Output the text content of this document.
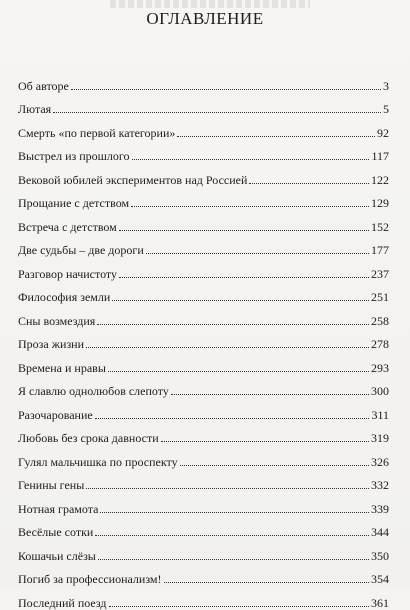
ОГЛАВЛЕНИЕ
Об авторе	3
Лютая	5
Смерть «по первой категории»	92
Выстрел из прошлого	117
Вековой юбилей экспериментов над Россией	122
Прощание с детством	129
Встреча с детством	152
Две судьбы – две дороги	177
Разговор начистоту	237
Философия земли	251
Сны возмездия	258
Проза жизни	278
Времена и нравы	293
Я славлю однолюбов слепоту	300
Разочарование	311
Любовь без срока давности	319
Гулял мальчишка по проспекту	326
Генины гены	332
Нотная грамота	339
Весёлые сотки	344
Кошачьи слёзы	350
Погиб за профессионализм!	354
Последний поезд	361
